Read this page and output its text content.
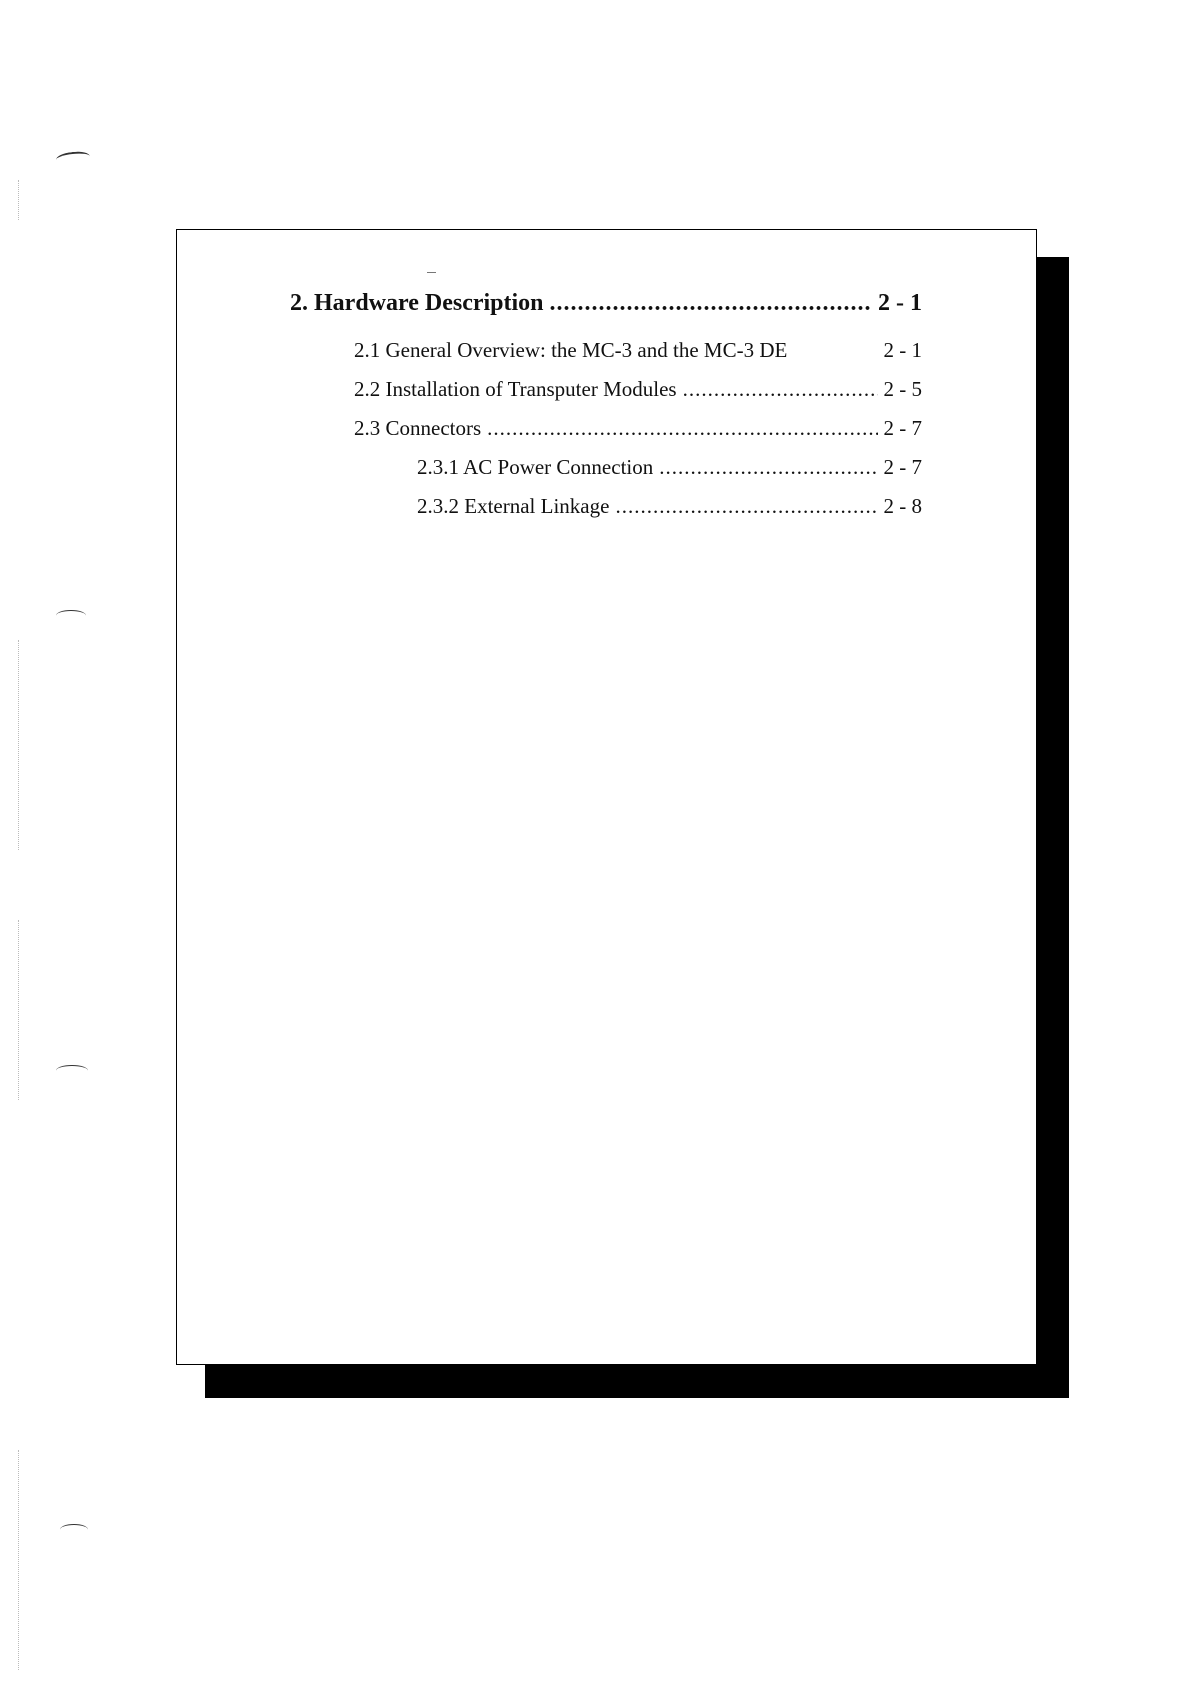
2. Hardware Description .....	2 - 1
2.1 General Overview: the MC-3 and the MC-3 DE	2 - 1
2.2 Installation of Transputer Modules .....	2 - 5
2.3 Connectors .....	2 - 7
2.3.1 AC Power Connection .....	2 - 7
2.3.2 External Linkage .....	2 - 8
